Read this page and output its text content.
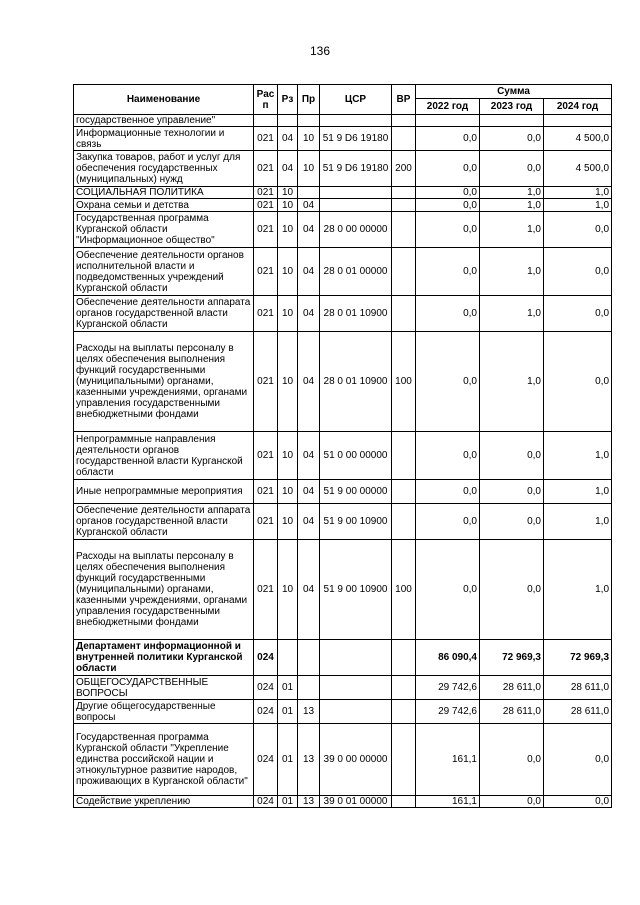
136
Наименование	Рас п	Рз	Пр	ЦСР	ВР	Сумма		
						2022 год	2023 год	2024 год
государственное управление"								
Информационные технологии и связь	021	04	10	51 9 D6 19180		0,0	0,0	4 500,0
Закупка товаров, работ и услуг для обеспечения государственных (муниципальных) нужд	021	04	10	51 9 D6 19180	200	0,0	0,0	4 500,0
СОЦИАЛЬНАЯ ПОЛИТИКА	021	10				0,0	1,0	1,0
Охрана семьи и детства	021	10	04			0,0	1,0	1,0
Государственная программа Курганской области "Информационное общество"	021	10	04	28 0 00 00000		0,0	1,0	0,0
Обеспечение деятельности органов исполнительной власти и подведомственных учреждений Курганской области	021	10	04	28 0 01 00000		0,0	1,0	0,0
Обеспечение деятельности аппарата органов государственной власти Курганской области	021	10	04	28 0 01 10900		0,0	1,0	0,0
Расходы на выплаты персоналу в целях обеспечения выполнения функций государственными (муниципальными) органами, казенными учреждениями, органами управления государственными внебюджетными фондами	021	10	04	28 0 01 10900	100	0,0	1,0	0,0
Непрограммные направления деятельности органов государственной власти Курганской области	021	10	04	51 0 00 00000		0,0	0,0	1,0
Иные непрограммные мероприятия	021	10	04	51 9 00 00000		0,0	0,0	1,0
Обеспечение деятельности аппарата органов государственной власти Курганской области	021	10	04	51 9 00 10900		0,0	0,0	1,0
Расходы на выплаты персоналу в целях обеспечения выполнения функций государственными (муниципальными) органами, казенными учреждениями, органами управления государственными внебюджетными фондами	021	10	04	51 9 00 10900	100	0,0	0,0	1,0
Департамент информационной и внутренней политики Курганской области	024					86 090,4	72 969,3	72 969,3
ОБЩЕГОСУДАРСТВЕННЫЕ ВОПРОСЫ	024	01				29 742,6	28 611,0	28 611,0
Другие общегосударственные вопросы	024	01	13			29 742,6	28 611,0	28 611,0
Государственная программа Курганской области "Укрепление единства российской нации и этнокультурное развитие народов, проживающих в Курганской области"	024	01	13	39 0 00 00000		161,1	0,0	0,0
Содействие укреплению	024	01	13	39 0 01 00000		161,1	0,0	0,0
